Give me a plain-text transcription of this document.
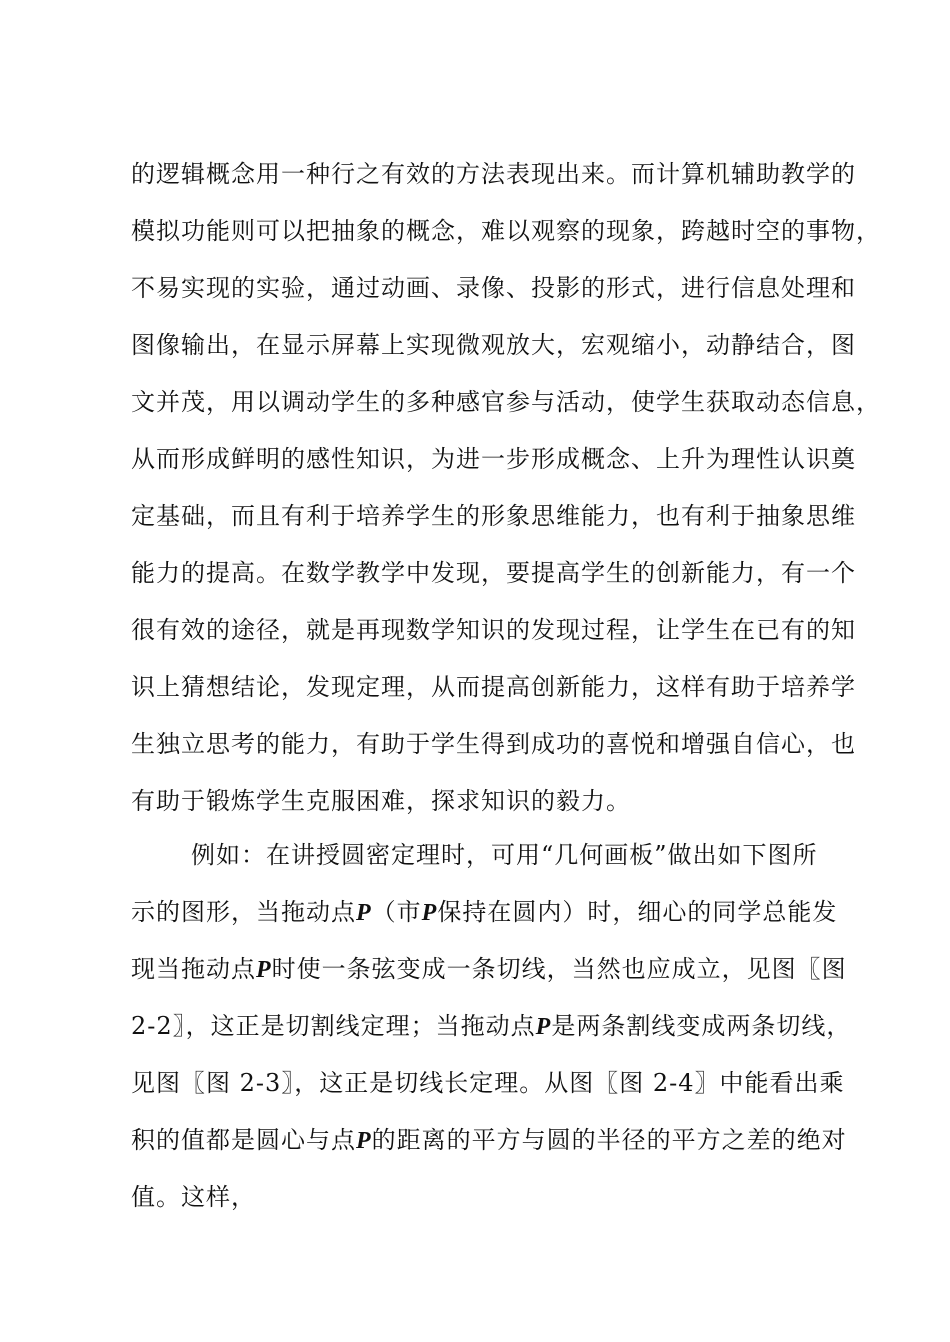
的逻辑概念用一种行之有效的方法表现出来。而计算机辅助教学的
模拟功能则可以把抽象的概念，难以观察的现象，跨越时空的事物，
不易实现的实验，通过动画、录像、投影的形式，进行信息处理和
图像输出，在显示屏幕上实现微观放大，宏观缩小，动静结合，图
文并茂，用以调动学生的多种感官参与活动，使学生获取动态信息，
从而形成鲜明的感性知识，为进一步形成概念、上升为理性认识奠
定基础，而且有利于培养学生的形象思维能力，也有利于抽象思维
能力的提高。在数学教学中发现，要提高学生的创新能力，有一个
很有效的途径，就是再现数学知识的发现过程，让学生在已有的知
识上猜想结论，发现定理，从而提高创新能力，这样有助于培养学
生独立思考的能力，有助于学生得到成功的喜悦和增强自信心，也
有助于锻炼学生克服困难，探求知识的毅力。
例如：在讲授圆密定理时，可用“几何画板”做出如下图所
示的图形，当拖动点P（市P保持在圆内）时，细心的同学总能发
现当拖动点P时使一条弦变成一条切线，当然也应成立，见图〖图
2-2〗，这正是切割线定理；当拖动点P是两条割线变成两条切线，
见图〖图 2-3〗，这正是切线长定理。从图〖图 2-4〗中能看出乘
积的值都是圆心与点P的距离的平方与圆的半径的平方之差的绝对
值。这样，
